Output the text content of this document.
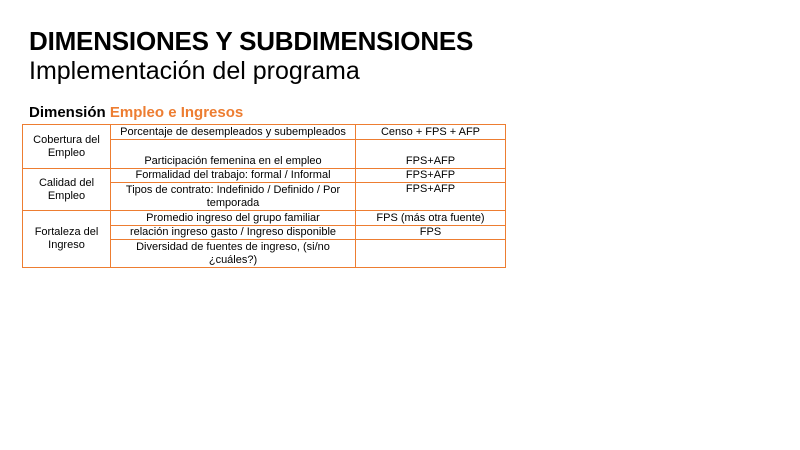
DIMENSIONES Y SUBDIMENSIONES
Implementación del programa
Dimensión Empleo e Ingresos
Cobertura del Empleo	Porcentaje de desempleados y subempleados	Censo + FPS + AFP
	Participación femenina en el empleo	FPS+AFP
Calidad del Empleo	Formalidad del trabajo: formal / Informal	FPS+AFP
	Tipos de contrato: Indefinido / Definido / Por temporada	FPS+AFP
Fortaleza del Ingreso	Promedio ingreso del grupo familiar	FPS (más otra fuente)
	relación ingreso gasto / Ingreso disponible	FPS
	Diversidad de fuentes de ingreso, (si/no ¿cuáles?)	
